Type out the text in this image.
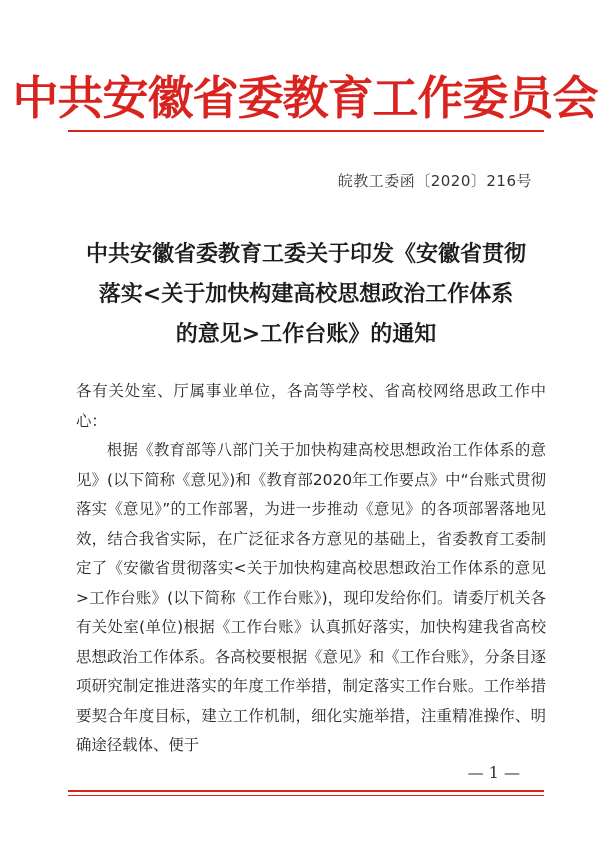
中共安徽省委教育工作委员会
皖教工委函〔2020〕216号
中共安徽省委教育工委关于印发《安徽省贯彻
落实<关于加快构建高校思想政治工作体系
的意见>工作台账》的通知

各有关处室、厅属事业单位，各高等学校、省高校网络思政工作中心：

根据《教育部等八部门关于加快构建高校思想政治工作体系的意见》(以下简称《意见》)和《教育部2020年工作要点》中“台账式贯彻落实《意见》”的工作部署，为进一步推动《意见》的各项部署落地见效，结合我省实际，在广泛征求各方意见的基础上，省委教育工委制定了《安徽省贯彻落实<关于加快构建高校思想政治工作体系的意见>工作台账》(以下简称《工作台账》)，现印发给你们。请委厅机关各有关处室(单位)根据《工作台账》认真抓好落实，加快构建我省高校思想政治工作体系。各高校要根据《意见》和《工作台账》，分条目逐项研究制定推进落实的年度工作举措，制定落实工作台账。工作举措要契合年度目标，建立工作机制，细化实施举措，注重精准操作、明确途径载体、便于

— 1 —
